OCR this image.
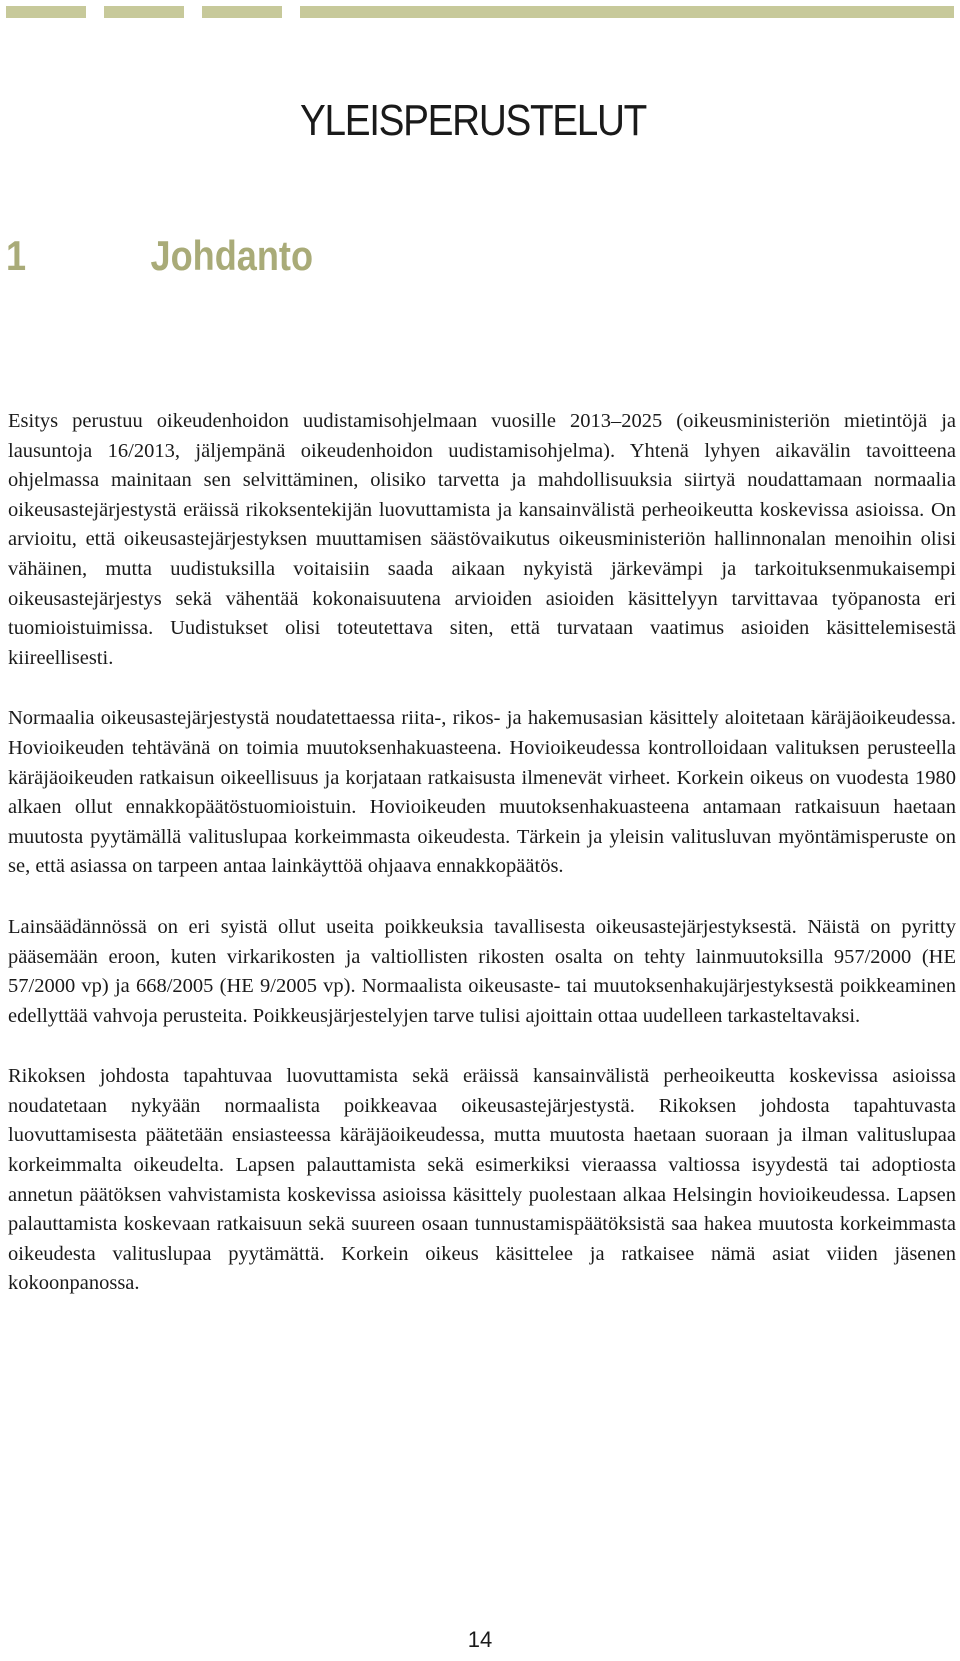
YLEISPERUSTELUT
1	Johdanto

Esitys perustuu oikeudenhoidon uudistamisohjelmaan vuosille 2013–2025 (oikeusministeriön mietintöjä ja lausuntoja 16/2013, jäljempänä oikeudenhoidon uudistamisohjelma). Yhtenä lyhyen aikavälin tavoitteena ohjelmassa mainitaan sen selvittäminen, olisiko tarvetta ja mahdollisuuksia siirtyä noudattamaan normaalia oikeusastejärjestystä eräissä rikoksentekijän luovuttamista ja kansainvälistä perheoikeutta koskevissa asioissa. On arvioitu, että oikeusastejärjestyksen muuttamisen säästövaikutus oikeusministeriön hallinnonalan menoihin olisi vähäinen, mutta uudistuksilla voitaisiin saada aikaan nykyistä järkevämpi ja tarkoituksenmukaisempi oikeusastejärjestys sekä vähentää kokonaisuutena arvioiden asioiden käsittelyyn tarvittavaa työpanosta eri tuomioistuimissa. Uudistukset olisi toteutettava siten, että turvataan vaatimus asioiden käsittelemisestä kiireellisesti.

Normaalia oikeusastejärjestystä noudatettaessa riita-, rikos- ja hakemusasian käsittely aloitetaan käräjäoikeudessa. Hovioikeuden tehtävänä on toimia muutoksenhakuasteena. Hovioikeudessa kontrolloidaan valituksen perusteella käräjäoikeuden ratkaisun oikeellisuus ja korjataan ratkaisusta ilmenevät virheet. Korkein oikeus on vuodesta 1980 alkaen ollut ennakkopäätöstuomioistuin. Hovioikeuden muutoksenhakuasteena antamaan ratkaisuun haetaan muutosta pyytämällä valituslupaa korkeimmasta oikeudesta. Tärkein ja yleisin valitusluvan myöntämisperuste on se, että asiassa on tarpeen antaa lainkäyttöä ohjaava ennakkopäätös.

Lainsäädännössä on eri syistä ollut useita poikkeuksia tavallisesta oikeusastejärjestyksestä. Näistä on pyritty pääsemään eroon, kuten virkarikosten ja valtiollisten rikosten osalta on tehty lainmuutoksilla 957/2000 (HE 57/2000 vp) ja 668/2005 (HE 9/2005 vp). Normaalista oikeusaste- tai muutoksenhakujärjestyksestä poikkeaminen edellyttää vahvoja perusteita. Poikkeusjärjestelyjen tarve tulisi ajoittain ottaa uudelleen tarkasteltavaksi.

Rikoksen johdosta tapahtuvaa luovuttamista sekä eräissä kansainvälistä perheoikeutta koskevissa asioissa noudatetaan nykyään normaalista poikkeavaa oikeusastejärjestystä. Rikoksen johdosta tapahtuvasta luovuttamisesta päätetään ensiasteessa käräjäoikeudessa, mutta muutosta haetaan suoraan ja ilman valituslupaa korkeimmalta oikeudelta. Lapsen palauttamista sekä esimerkiksi vieraassa valtiossa isyydestä tai adoptiosta annetun päätöksen vahvistamista koskevissa asioissa käsittely puolestaan alkaa Helsingin hovioikeudessa. Lapsen palauttamista koskevaan ratkaisuun sekä suureen osaan tunnustamispäätöksistä saa hakea muutosta korkeimmasta oikeudesta valituslupaa pyytämättä. Korkein oikeus käsittelee ja ratkaisee nämä asiat viiden jäsenen kokoonpanossa.

14
